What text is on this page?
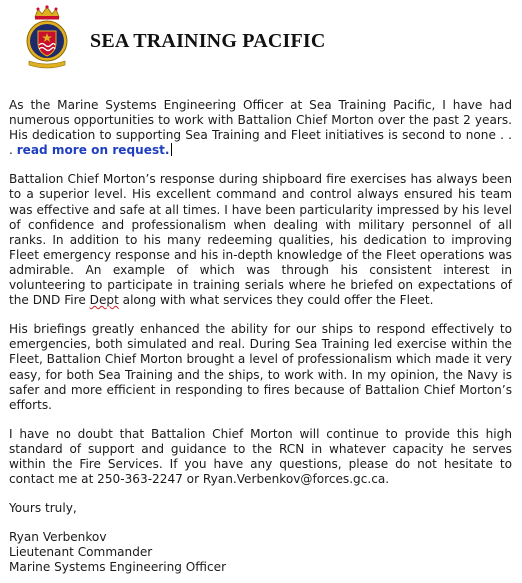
SEA TRAINING PACIFIC

As the Marine Systems Engineering Officer at Sea Training Pacific, I have had numerous opportunities to work with Battalion Chief Morton over the past 2 years. His dedication to supporting Sea Training and Fleet initiatives is second to none . . . read more on request.

Battalion Chief Morton’s response during shipboard fire exercises has always been to a superior level. His excellent command and control always ensured his team was effective and safe at all times. I have been particularity impressed by his level of confidence and professionalism when dealing with military personnel of all ranks. In addition to his many redeeming qualities, his dedication to improving Fleet emergency response and his in-depth knowledge of the Fleet operations was admirable. An example of which was through his consistent interest in volunteering to participate in training serials where he briefed on expectations of the DND Fire Dept along with what services they could offer the Fleet.

His briefings greatly enhanced the ability for our ships to respond effectively to emergencies, both simulated and real. During Sea Training led exercise within the Fleet, Battalion Chief Morton brought a level of professionalism which made it very easy, for both Sea Training and the ships, to work with. In my opinion, the Navy is safer and more efficient in responding to fires because of Battalion Chief Morton’s efforts.

I have no doubt that Battalion Chief Morton will continue to provide this high standard of support and guidance to the RCN in whatever capacity he serves within the Fire Services. If you have any questions, please do not hesitate to contact me at 250-363-2247 or Ryan.Verbenkov@forces.gc.ca.

Yours truly,
Ryan Verbenkov
Lieutenant Commander
Marine Systems Engineering Officer
